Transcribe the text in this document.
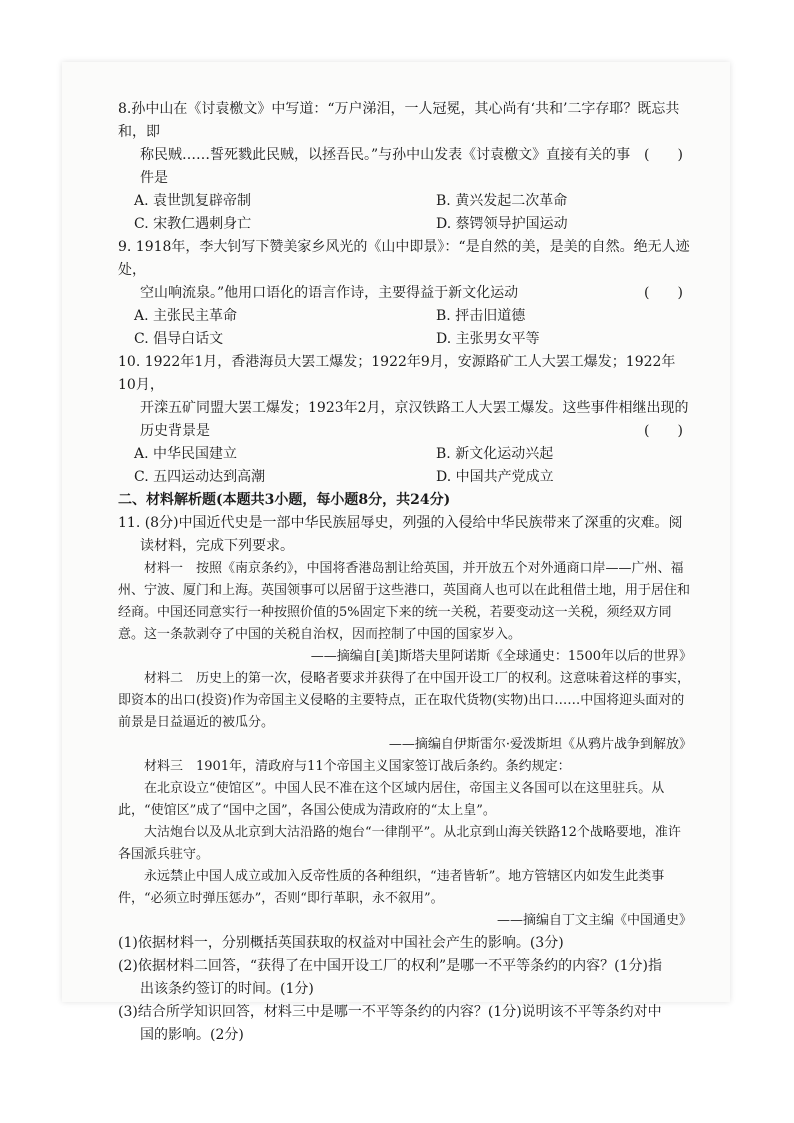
8.孙中山在《讨袁檄文》中写道：“万户涕泪，一人冠冕，其心尚有‘共和’二字存耶？既忘共和，即
(　　)
称民贼……誓死戮此民贼，以拯吾民。”与孙中山发表《讨袁檄文》直接有关的事件是
A. 袁世凯复辟帝制	B. 黄兴发起二次革命
C. 宋教仁遇刺身亡	D. 蔡锷领导护国运动
9. 1918年，李大钊写下赞美家乡风光的《山中即景》：“是自然的美，是美的自然。绝无人迹处，
(　　)
空山响流泉。”他用口语化的语言作诗，主要得益于新文化运动
A. 主张民主革命	B. 抨击旧道德
C. 倡导白话文	D. 主张男女平等
10. 1922年1月，香港海员大罢工爆发；1922年9月，安源路矿工人大罢工爆发；1922年10月，
开滦五矿同盟大罢工爆发；1923年2月，京汉铁路工人大罢工爆发。这些事件相继出现的
(　　)
历史背景是
A. 中华民国建立	B. 新文化运动兴起
C. 五四运动达到高潮	D. 中国共产党成立
二、材料解析题(本题共3小题，每小题8分，共24分)
11. (8分)中国近代史是一部中华民族屈辱史，列强的入侵给中华民族带来了深重的灾难。阅
读材料，完成下列要求。

材料一　按照《南京条约》，中国将香港岛割让给英国，并开放五个对外通商口岸——广州、福州、宁波、厦门和上海。英国领事可以居留于这些港口，英国商人也可以在此租借土地，用于居住和经商。中国还同意实行一种按照价值的5%固定下来的统一关税，若要变动这一关税，须经双方同意。这一条款剥夺了中国的关税自治权，因而控制了中国的国家岁入。

——摘编自[美]斯塔夫里阿诺斯《全球通史：1500年以后的世界》

材料二　历史上的第一次，侵略者要求并获得了在中国开设工厂的权利。这意味着这样的事实，即资本的出口(投资)作为帝国主义侵略的主要特点，正在取代货物(实物)出口……中国将迎头面对的前景是日益逼近的被瓜分。

——摘编自伊斯雷尔·爱泼斯坦《从鸦片战争到解放》

材料三　1901年，清政府与11个帝国主义国家签订战后条约。条约规定：

在北京设立“使馆区”。中国人民不准在这个区域内居住，帝国主义各国可以在这里驻兵。从此，“使馆区”成了“国中之国”，各国公使成为清政府的“太上皇”。

大沽炮台以及从北京到大沽沿路的炮台“一律削平”。从北京到山海关铁路12个战略要地，准许各国派兵驻守。

永远禁止中国人成立或加入反帝性质的各种组织，“违者皆斩”。地方管辖区内如发生此类事件，“必须立时弹压惩办”，否则“即行革职，永不叙用”。

——摘编自丁文主编《中国通史》

(1)依据材料一，分别概括英国获取的权益对中国社会产生的影响。(3分)
(2)依据材料二回答，“获得了在中国开设工厂的权利”是哪一不平等条约的内容？(1分)指
出该条约签订的时间。(1分)
(3)结合所学知识回答，材料三中是哪一不平等条约的内容？(1分)说明该不平等条约对中
国的影响。(2分)
